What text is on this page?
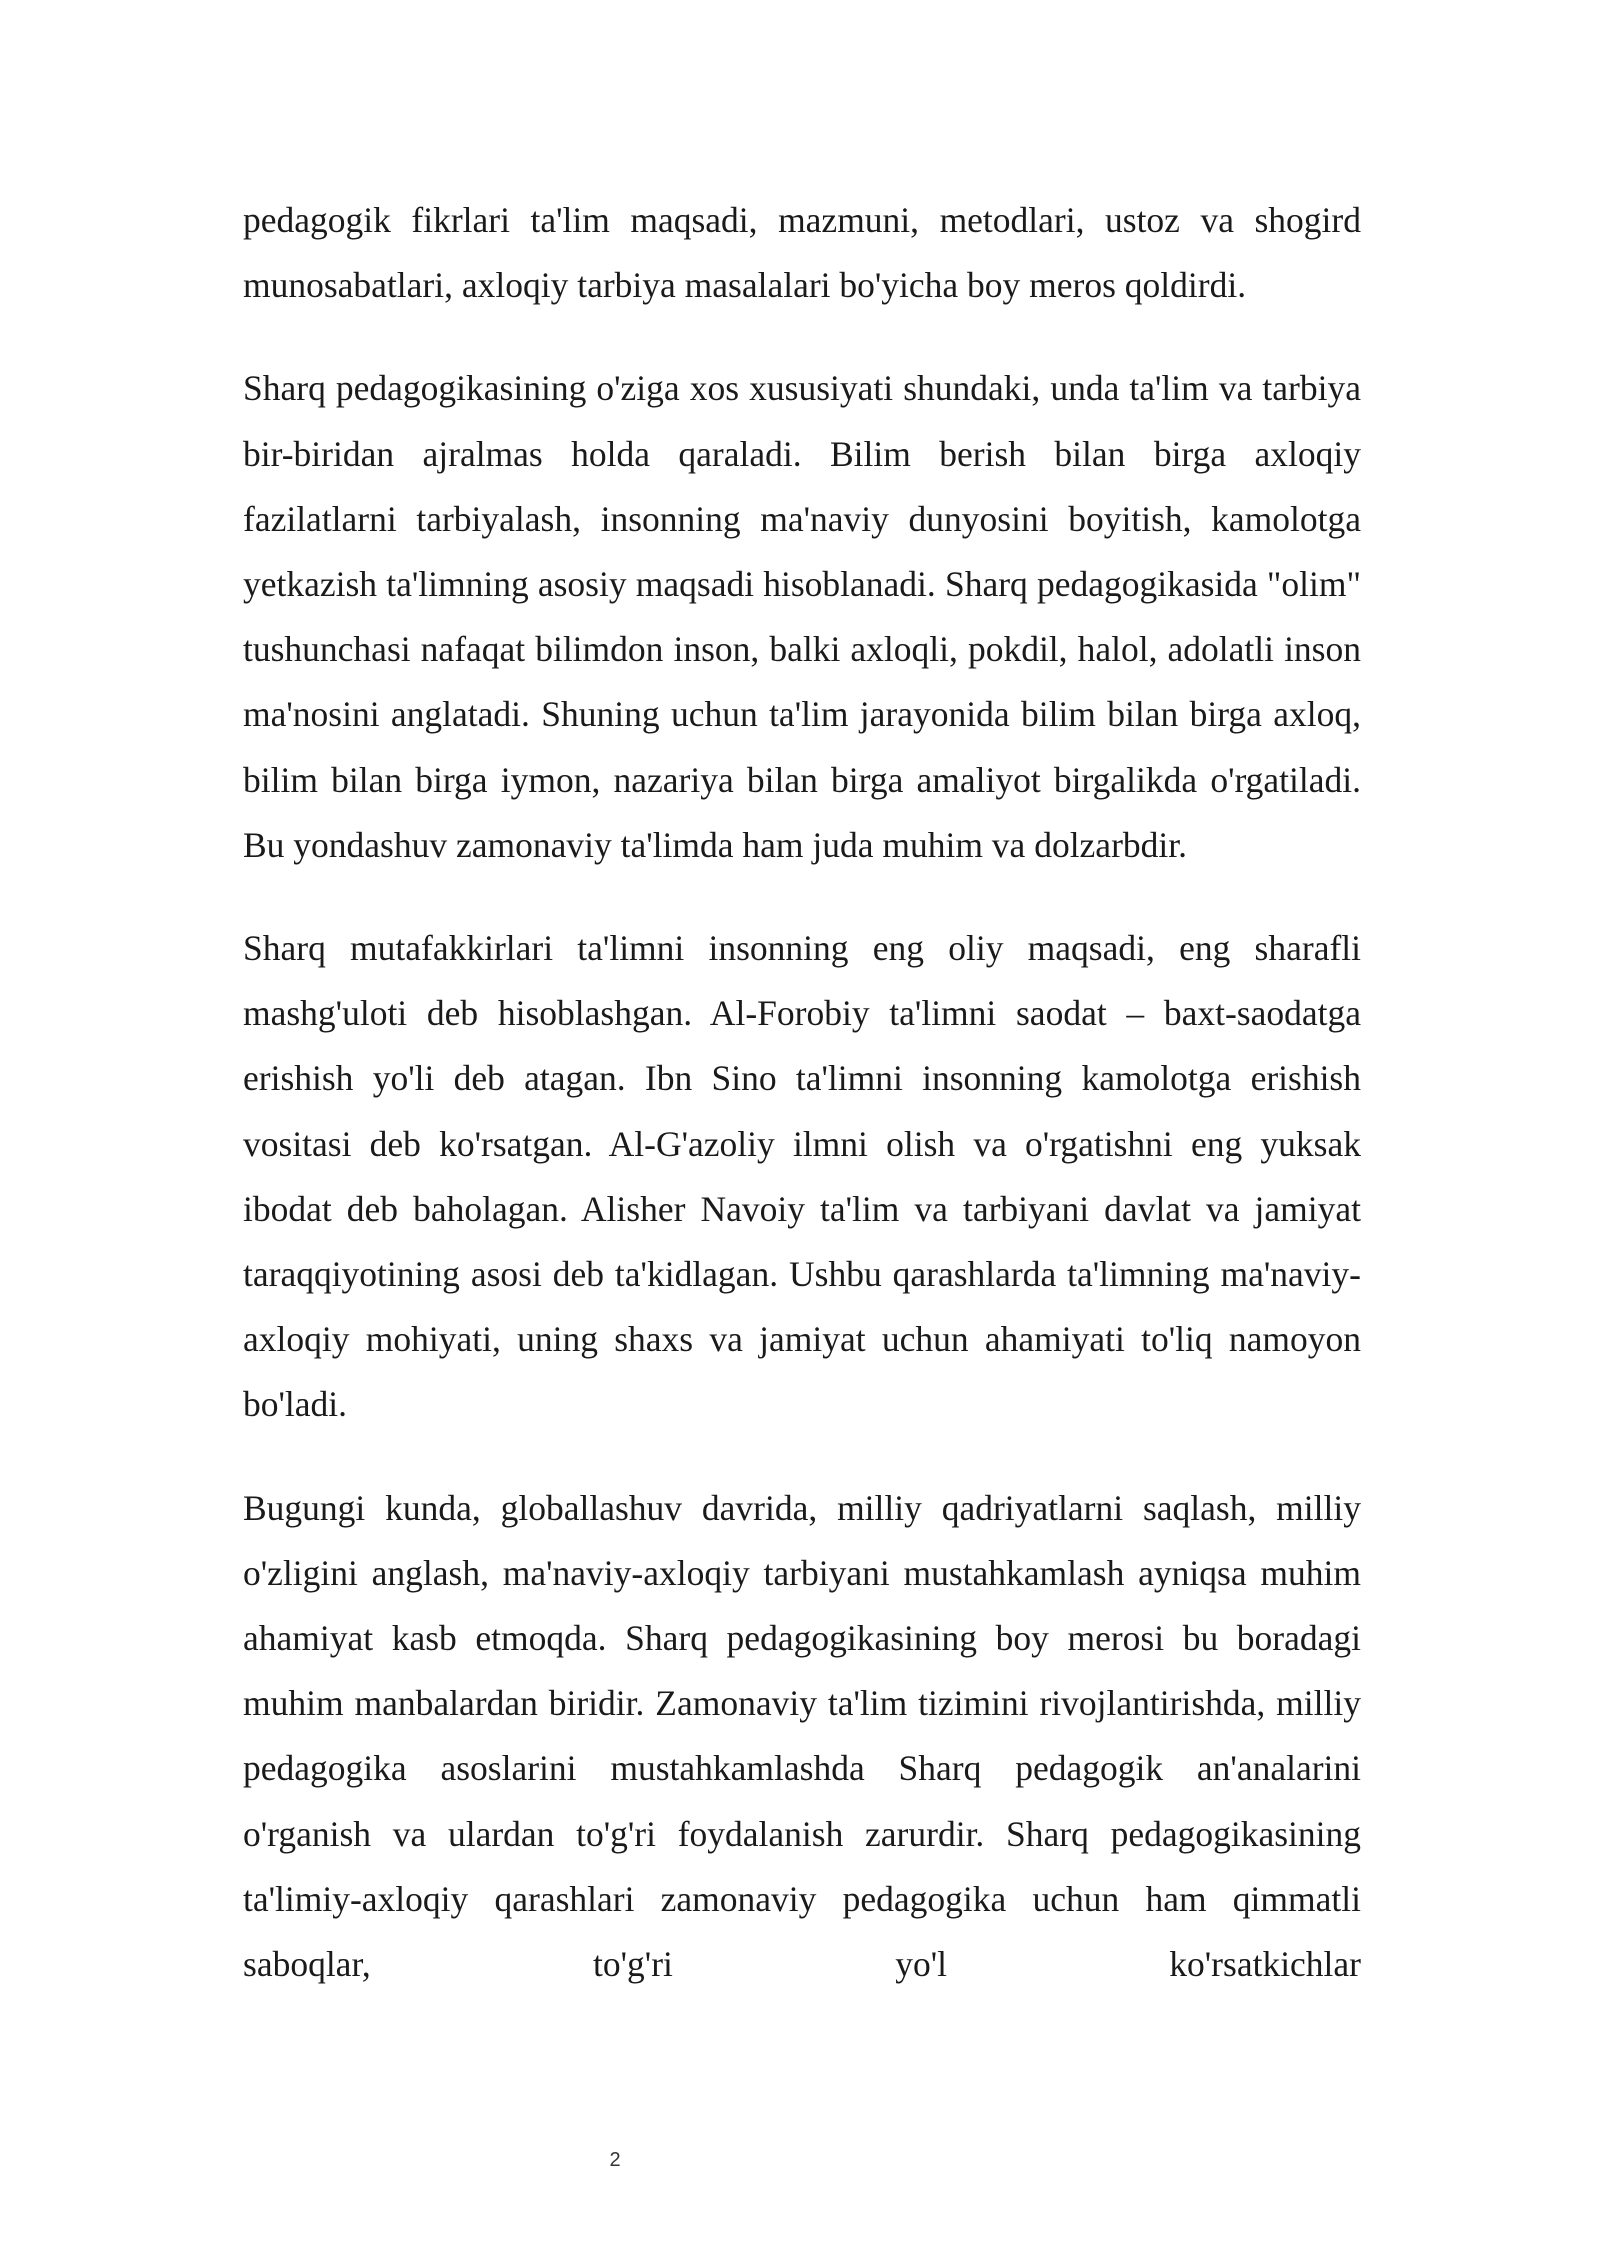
pedagogik fikrlari ta'lim maqsadi, mazmuni, metodlari, ustoz va shogird munosabatlari, axloqiy tarbiya masalalari bo'yicha boy meros qoldirdi.

Sharq pedagogikasining o'ziga xos xususiyati shundaki, unda ta'lim va tarbiya bir-biridan ajralmas holda qaraladi. Bilim berish bilan birga axloqiy fazilatlarni tarbiyalash, insonning ma'naviy dunyosini boyitish, kamolotga yetkazish ta'limning asosiy maqsadi hisoblanadi. Sharq pedagogikasida "olim" tushunchasi nafaqat bilimdon inson, balki axloqli, pokdil, halol, adolatli inson ma'nosini anglatadi. Shuning uchun ta'lim jarayonida bilim bilan birga axloq, bilim bilan birga iymon, nazariya bilan birga amaliyot birgalikda o'rgatiladi. Bu yondashuv zamonaviy ta'limda ham juda muhim va dolzarbdir.

Sharq mutafakkirlari ta'limni insonning eng oliy maqsadi, eng sharafli mashg'uloti deb hisoblashgan. Al-Forobiy ta'limni saodat – baxt-saodatga erishish yo'li deb atagan. Ibn Sino ta'limni insonning kamolotga erishish vositasi deb ko'rsatgan. Al-G'azoliy ilmni olish va o'rgatishni eng yuksak ibodat deb baholagan. Alisher Navoiy ta'lim va tarbiyani davlat va jamiyat taraqqiyotining asosi deb ta'kidlagan. Ushbu qarashlarda ta'limning ma'naviy-axloqiy mohiyati, uning shaxs va jamiyat uchun ahamiyati to'liq namoyon bo'ladi.

Bugungi kunda, globallashuv davrida, milliy qadriyatlarni saqlash, milliy o'zligini anglash, ma'naviy-axloqiy tarbiyani mustahkamlash ayniqsa muhim ahamiyat kasb etmoqda. Sharq pedagogikasining boy merosi bu boradagi muhim manbalardan biridir. Zamonaviy ta'lim tizimini rivojlantirishda, milliy pedagogika asoslarini mustahkamlashda Sharq pedagogik an'analarini o'rganish va ulardan to'g'ri foydalanish zarurdir. Sharq pedagogikasining ta'limiy-axloqiy qarashlari zamonaviy pedagogika uchun ham qimmatli saboqlar, to'g'ri yo'l ko'rsatkichlar

2
